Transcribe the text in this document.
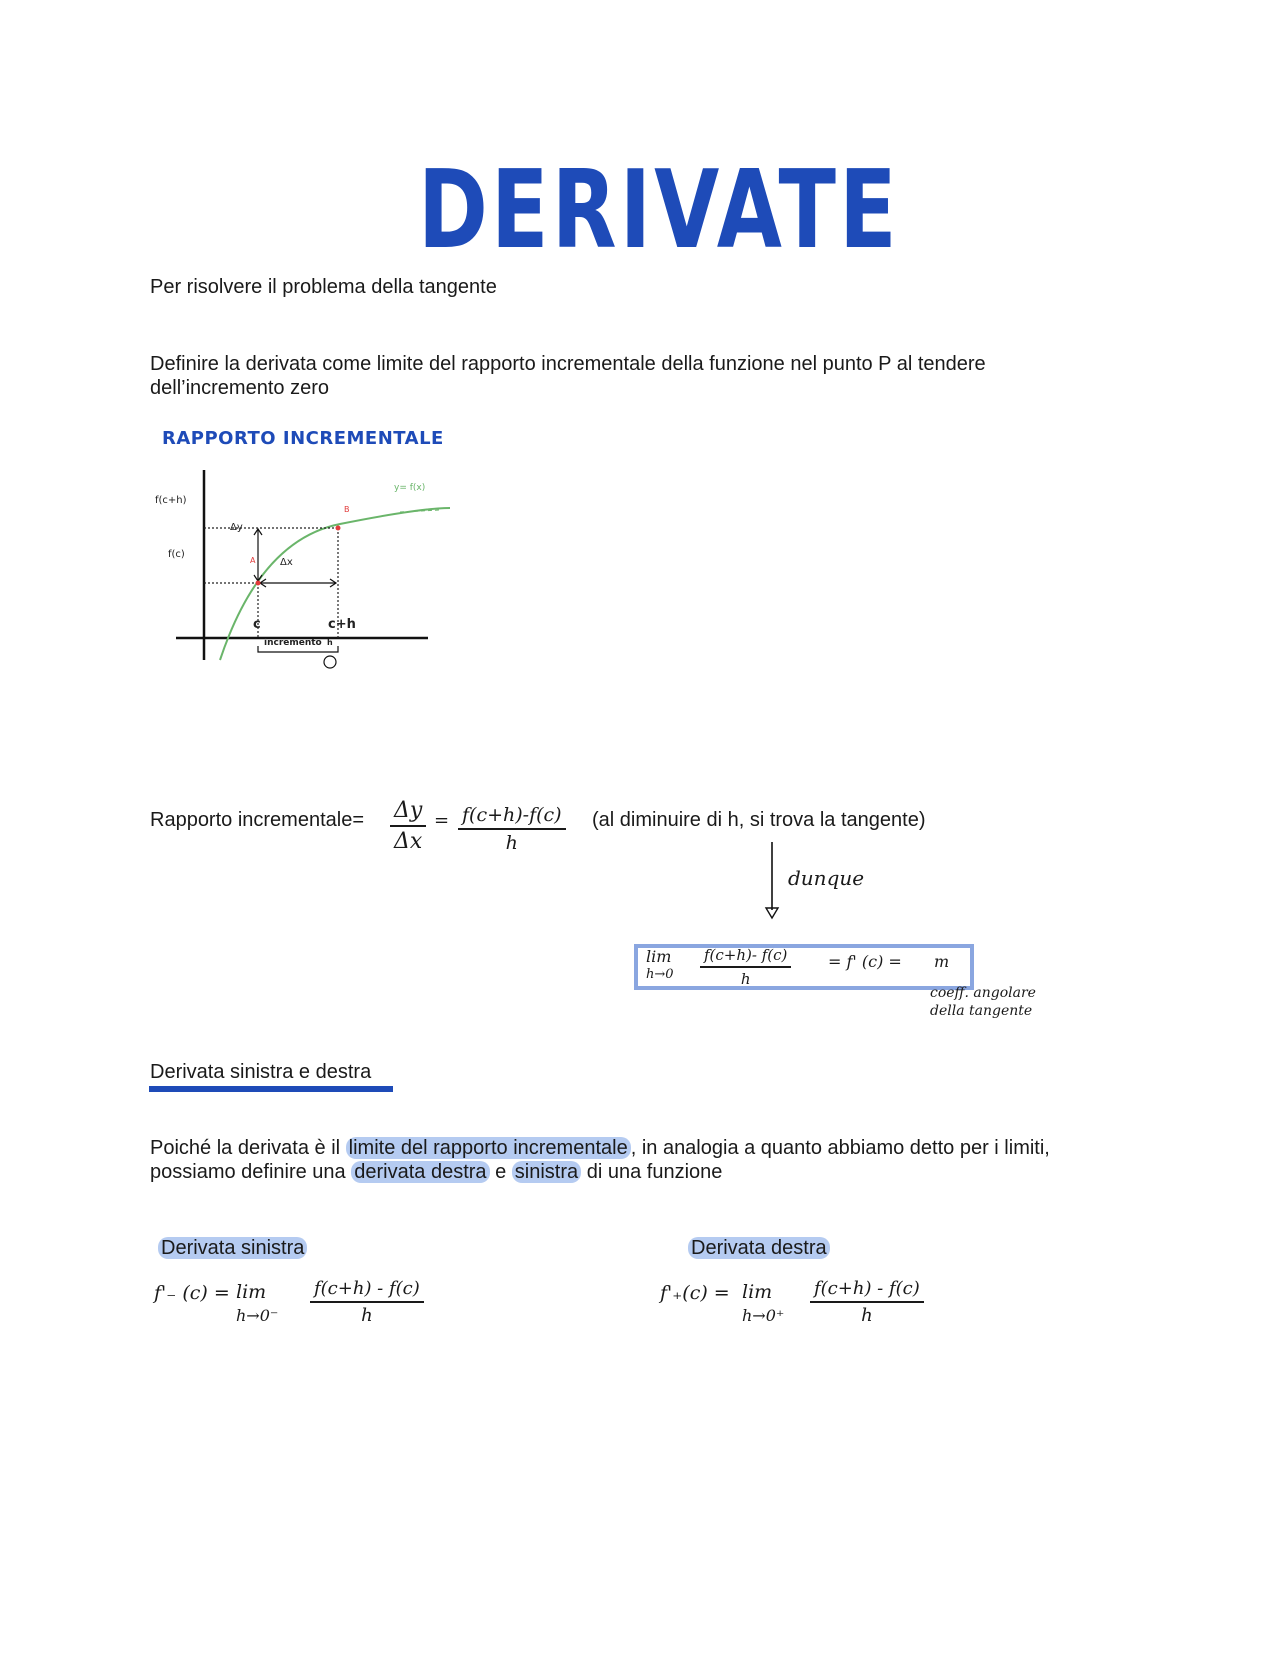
DERIVATE
Per risolvere il problema della tangente
Definire la derivata come limite del rapporto incrementale della funzione nel punto P al tendere dell’incremento zero
RAPPORTO INCREMENTALE
f(c+h)
f(c)
Δy
Δx
A
B
y= f(x)
c	c+h
incremento h
Rapporto incrementale= $\frac{\Delta y}{\Delta x} = \frac{f(c+h)-f(c)}{h} (al$ diminuire di h, si trova la tangente)
dunque
lim
$h\to 0 \frac{f(c+h)- f(c)}{h} = f'$ (c) = m
coeff. angolare
della tangente
Derivata sinistra e destra
Poiché la derivata è il limite del rapporto incrementale , in analogia a quanto abbiamo detto per i limiti,
possiamo definire una derivata destra e sinistra di una funzione
Derivata sinistra
f'₋ (c) = lim
$h\to 0^- \frac{f(c+h) - f(c)}{h}$
Derivata destra
f'₊(c) = lim
$h\to 0^+ \frac{f(c+h) - f(c)}{h}$
